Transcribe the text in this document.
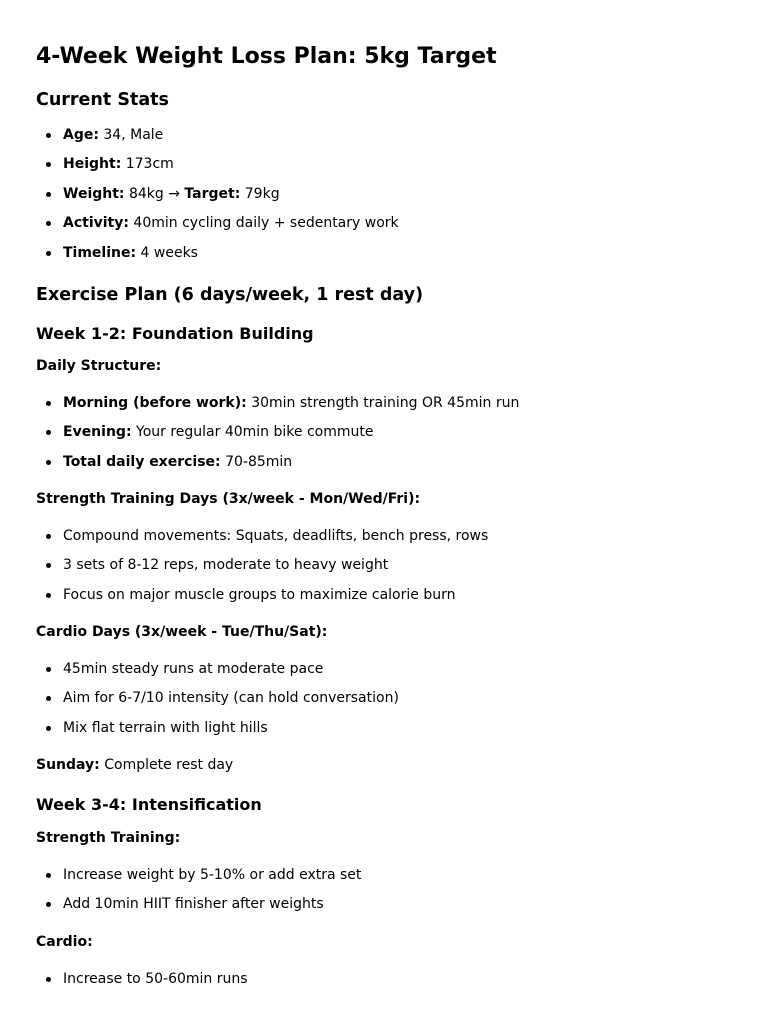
4-Week Weight Loss Plan: 5kg Target
Current Stats
Age: 34, Male
Height: 173cm
Weight: 84kg → Target: 79kg
Activity: 40min cycling daily + sedentary work
Timeline: 4 weeks
Exercise Plan (6 days/week, 1 rest day)
Week 1-2: Foundation Building
Daily Structure:
Morning (before work): 30min strength training OR 45min run
Evening: Your regular 40min bike commute
Total daily exercise: 70-85min
Strength Training Days (3x/week - Mon/Wed/Fri):
Compound movements: Squats, deadlifts, bench press, rows
3 sets of 8-12 reps, moderate to heavy weight
Focus on major muscle groups to maximize calorie burn
Cardio Days (3x/week - Tue/Thu/Sat):
45min steady runs at moderate pace
Aim for 6-7/10 intensity (can hold conversation)
Mix flat terrain with light hills

Sunday: Complete rest day

Week 3-4: Intensification
Strength Training:
Increase weight by 5-10% or add extra set
Add 10min HIIT finisher after weights
Cardio:
Increase to 50-60min runs
